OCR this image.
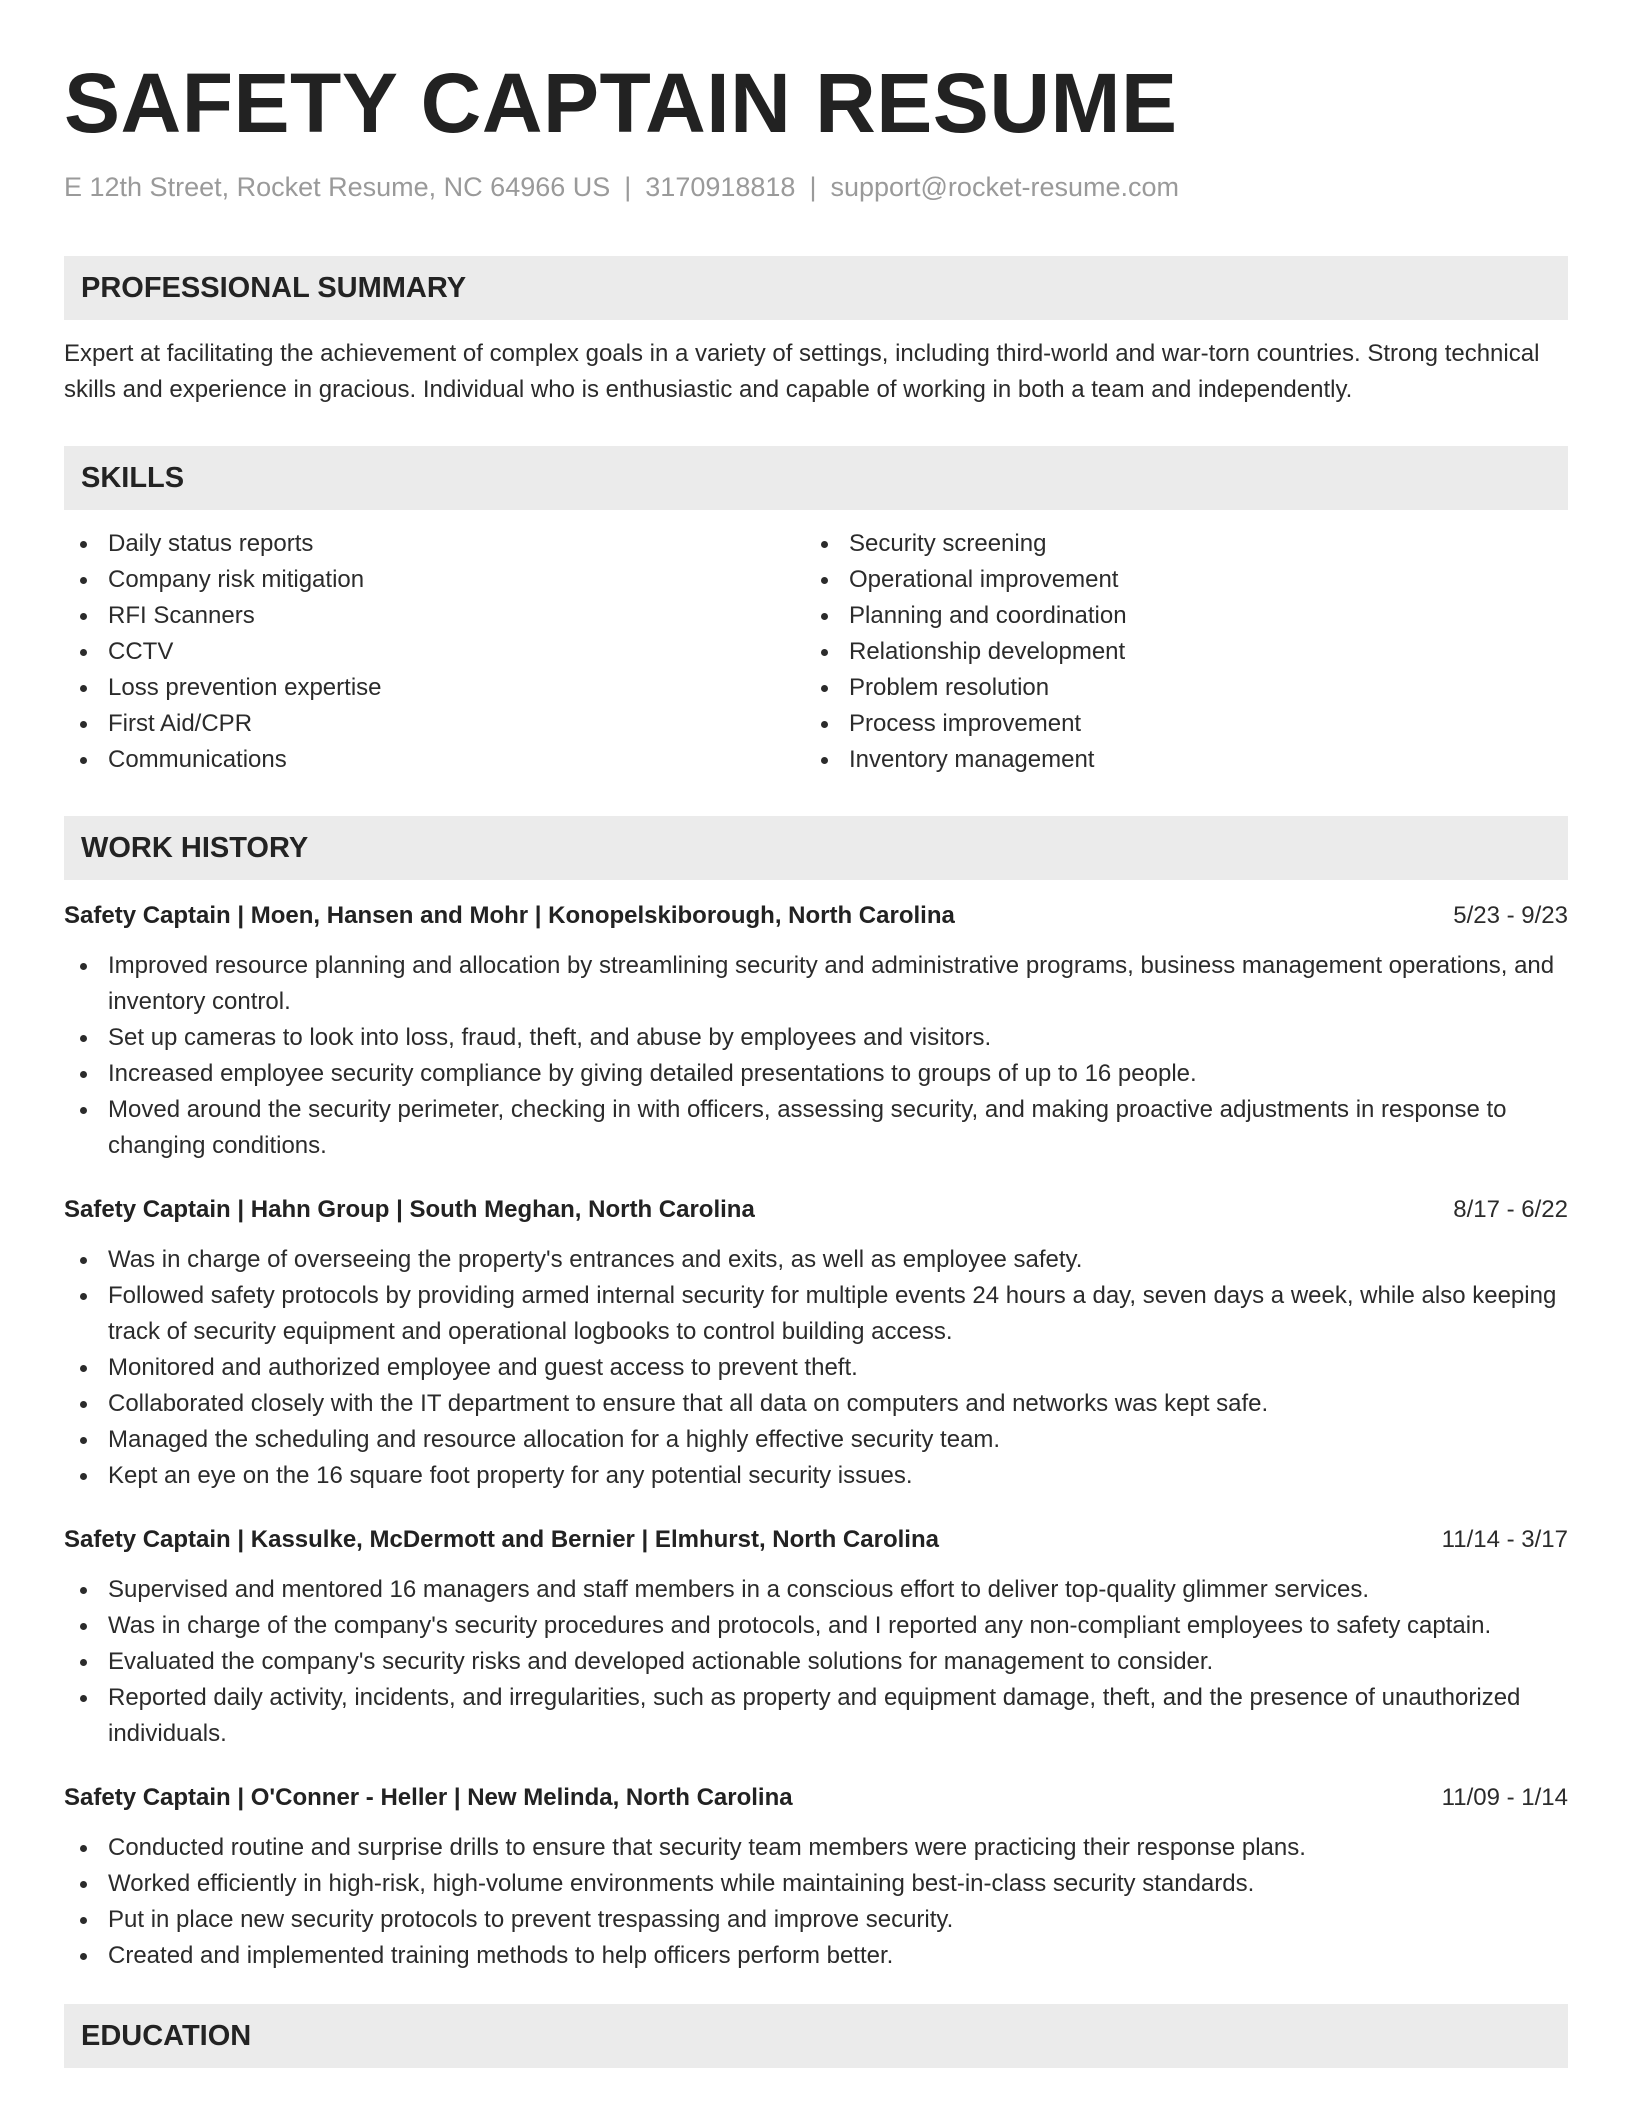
SAFETY CAPTAIN RESUME
E 12th Street, Rocket Resume, NC 64966 US | 3170918818 | support@rocket-resume.com
PROFESSIONAL SUMMARY
Expert at facilitating the achievement of complex goals in a variety of settings, including third-world and war-torn countries. Strong technical skills and experience in gracious. Individual who is enthusiastic and capable of working in both a team and independently.
SKILLS
Daily status reports
Company risk mitigation
RFI Scanners
CCTV
Loss prevention expertise
First Aid/CPR
Communications
Security screening
Operational improvement
Planning and coordination
Relationship development
Problem resolution
Process improvement
Inventory management
WORK HISTORY
Safety Captain | Moen, Hansen and Mohr | Konopelskiborough, North Carolina	5/23 - 9/23
Improved resource planning and allocation by streamlining security and administrative programs, business management operations, and inventory control.
Set up cameras to look into loss, fraud, theft, and abuse by employees and visitors.
Increased employee security compliance by giving detailed presentations to groups of up to 16 people.
Moved around the security perimeter, checking in with officers, assessing security, and making proactive adjustments in response to changing conditions.
Safety Captain | Hahn Group | South Meghan, North Carolina	8/17 - 6/22
Was in charge of overseeing the property's entrances and exits, as well as employee safety.
Followed safety protocols by providing armed internal security for multiple events 24 hours a day, seven days a week, while also keeping track of security equipment and operational logbooks to control building access.
Monitored and authorized employee and guest access to prevent theft.
Collaborated closely with the IT department to ensure that all data on computers and networks was kept safe.
Managed the scheduling and resource allocation for a highly effective security team.
Kept an eye on the 16 square foot property for any potential security issues.
Safety Captain | Kassulke, McDermott and Bernier | Elmhurst, North Carolina	11/14 - 3/17
Supervised and mentored 16 managers and staff members in a conscious effort to deliver top-quality glimmer services.
Was in charge of the company's security procedures and protocols, and I reported any non-compliant employees to safety captain.
Evaluated the company's security risks and developed actionable solutions for management to consider.
Reported daily activity, incidents, and irregularities, such as property and equipment damage, theft, and the presence of unauthorized individuals.
Safety Captain | O'Conner - Heller | New Melinda, North Carolina	11/09 - 1/14
Conducted routine and surprise drills to ensure that security team members were practicing their response plans.
Worked efficiently in high-risk, high-volume environments while maintaining best-in-class security standards.
Put in place new security protocols to prevent trespassing and improve security.
Created and implemented training methods to help officers perform better.
EDUCATION
